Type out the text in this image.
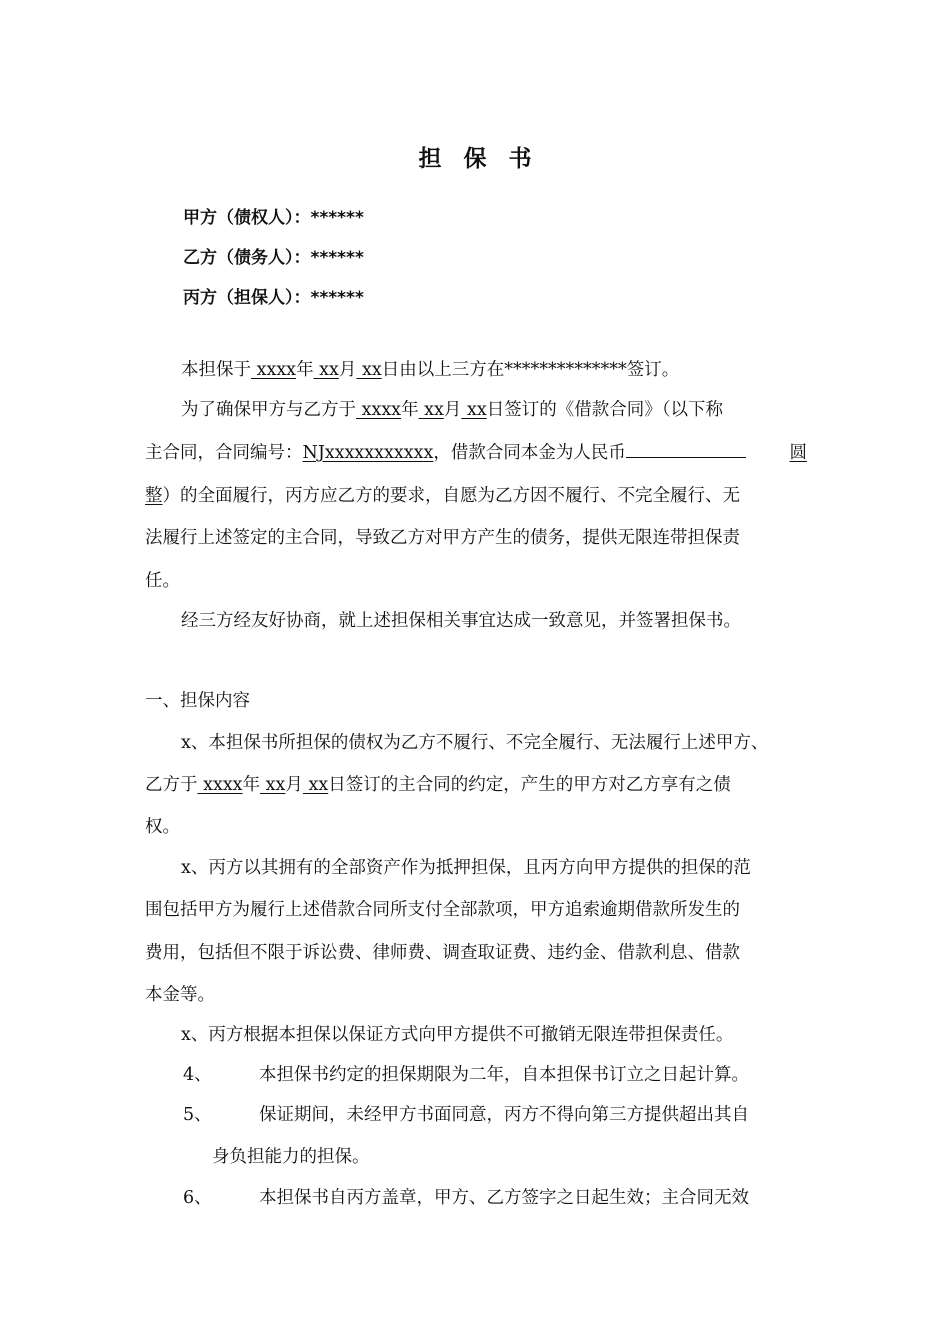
担保书
甲方（债权人）：******
乙方（债务人）：******
丙方（担保人）：******
本担保于 xxxx年 xx月 xx日由以上三方在**************签订。
为了确保甲方与乙方于 xxxx年 xx月 xx日签订的《借款合同》（以下称
主合同，合同编号：NJxxxxxxxxxxx，借款合同本金为人民币	圆
整）的全面履行，丙方应乙方的要求，自愿为乙方因不履行、不完全履行、无
法履行上述签定的主合同，导致乙方对甲方产生的债务，提供无限连带担保责
任。
经三方经友好协商，就上述担保相关事宜达成一致意见，并签署担保书。
一、担保内容
x、本担保书所担保的债权为乙方不履行、不完全履行、无法履行上述甲方、
乙方于 xxxx年 xx月 xx日签订的主合同的约定，产生的甲方对乙方享有之债
权。
x、丙方以其拥有的全部资产作为抵押担保，且丙方向甲方提供的担保的范
围包括甲方为履行上述借款合同所支付全部款项，甲方追索逾期借款所发生的
费用，包括但不限于诉讼费、律师费、调查取证费、违约金、借款利息、借款
本金等。
x、丙方根据本担保以保证方式向甲方提供不可撤销无限连带担保责任。
4、	本担保书约定的担保期限为二年，自本担保书订立之日起计算。
5、	保证期间，未经甲方书面同意，丙方不得向第三方提供超出其自
身负担能力的担保。
6、	本担保书自丙方盖章，甲方、乙方签字之日起生效；主合同无效
